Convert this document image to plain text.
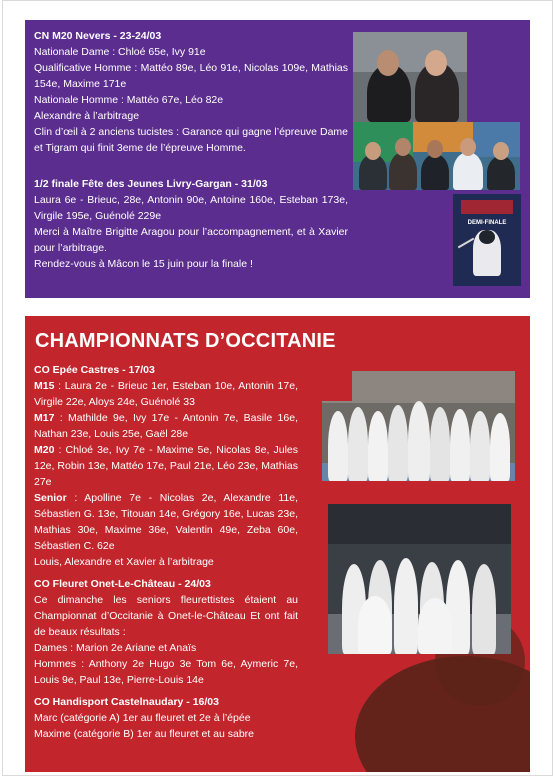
CN M20 Nevers - 23-24/03

Nationale Dame : Chloé 65e, Ivy 91e

Qualificative Homme : Mattéo 89e, Léo 91e, Nicolas 109e, Mathias 154e, Maxime 171e

Nationale Homme : Mattéo 67e, Léo 82e

Alexandre à l’arbitrage

Clin d’œil à 2 anciens tucistes : Garance qui gagne l’épreuve Dame et Tigram qui finit 3eme de l’épreuve Homme.

1/2 finale Fête des Jeunes Livry-Gargan - 31/03

Laura 6e - Brieuc, 28e, Antonin 90e, Antoine 160e, Esteban 173e, Virgile 195e, Guénolé 229e

Merci à Maître Brigitte Aragou pour l’accompagnement, et à Xavier pour l’arbitrage.

Rendez-vous à Mâcon le 15 juin pour la finale !

DEMI-FINALE
CHAMPIONNATS D’OCCITANIE

CO Epée Castres - 17/03

M15 : Laura 2e - Brieuc 1er, Esteban 10e, Antonin 17e, Virgile 22e, Aloys 24e, Guénolé 33

M17 : Mathilde 9e, Ivy 17e - Antonin 7e, Basile 16e, Nathan 23e, Louis 25e, Gaël 28e

M20 : Chloé 3e, Ivy 7e - Maxime 5e, Nicolas 8e, Jules 12e, Robin 13e, Mattéo 17e, Paul 21e, Léo 23e, Mathias 27e

Senior : Apolline 7e - Nicolas 2e, Alexandre 11e, Sébastien G. 13e, Titouan 14e, Grégory 16e, Lucas 23e, Mathias 30e, Maxime 36e, Valentin 49e, Zeba 60e, Sébastien C. 62e

Louis, Alexandre et Xavier à l’arbitrage

CO Fleuret Onet-Le-Château - 24/03

Ce dimanche les seniors fleurettistes étaient au Championnat d’Occitanie à Onet-le-Château Et ont fait de beaux résultats :

Dames : Marion 2e Ariane et Anaïs

Hommes : Anthony 2e Hugo 3e Tom 6e, Aymeric 7e, Louis 9e, Paul 13e, Pierre-Louis 14e

CO Handisport Castelnaudary - 16/03

Marc (catégorie A) 1er au fleuret et 2e à l’épée

Maxime (catégorie B) 1er au fleuret et au sabre
